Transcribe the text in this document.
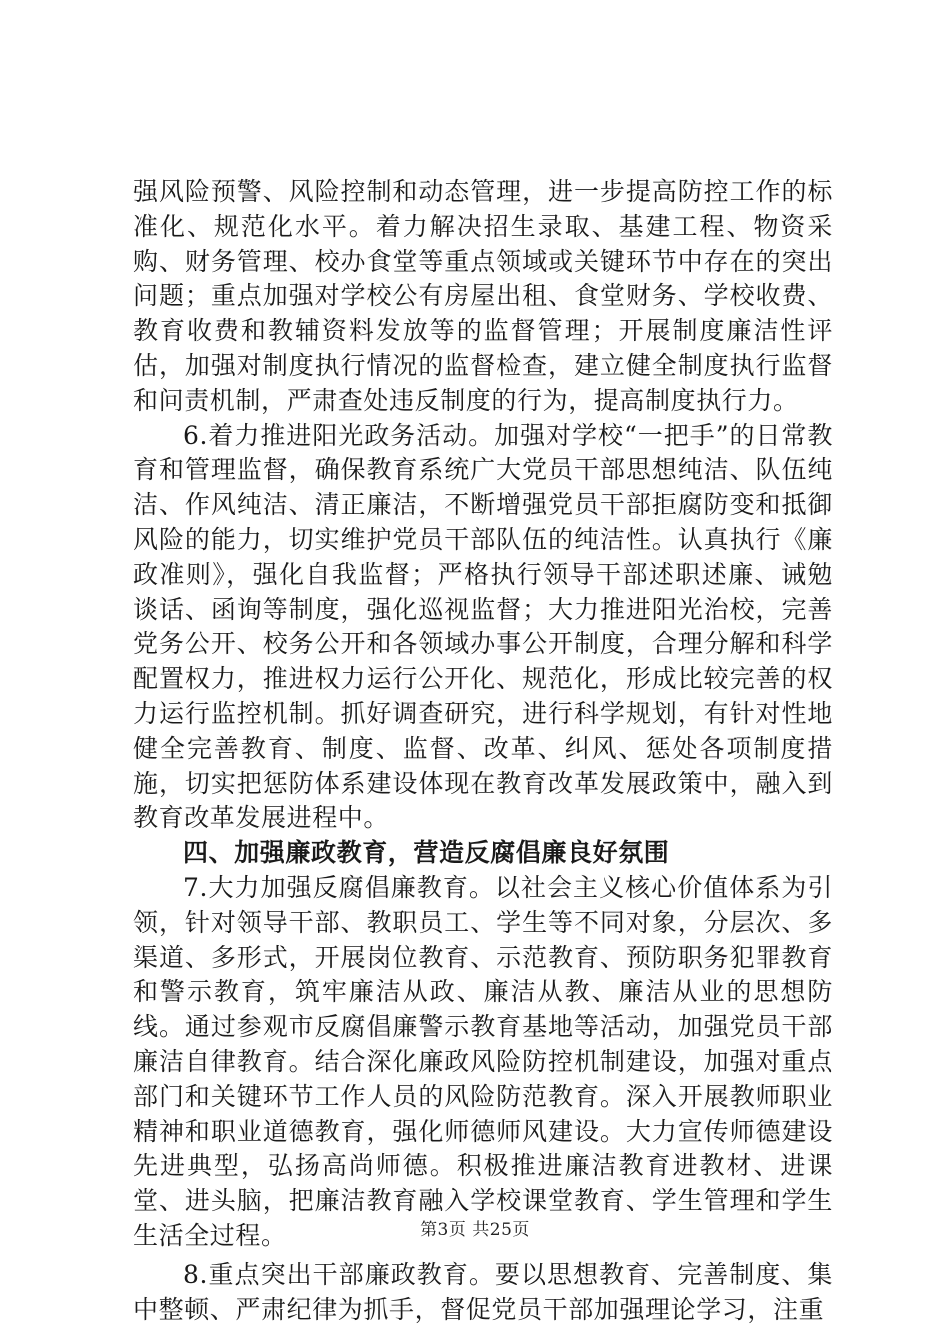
强风险预警、风险控制和动态管理，进一步提高防控工作的标准化、规范化水平。着力解决招生录取、基建工程、物资采购、财务管理、校办食堂等重点领域或关键环节中存在的突出问题；重点加强对学校公有房屋出租、食堂财务、学校收费、教育收费和教辅资料发放等的监督管理；开展制度廉洁性评估，加强对制度执行情况的监督检查，建立健全制度执行监督和问责机制，严肃查处违反制度的行为，提高制度执行力。

6.着力推进阳光政务活动。加强对学校“一把手”的日常教育和管理监督，确保教育系统广大党员干部思想纯洁、队伍纯洁、作风纯洁、清正廉洁，不断增强党员干部拒腐防变和抵御风险的能力，切实维护党员干部队伍的纯洁性。认真执行《廉政准则》，强化自我监督；严格执行领导干部述职述廉、诫勉谈话、函询等制度，强化巡视监督；大力推进阳光治校，完善党务公开、校务公开和各领域办事公开制度，合理分解和科学配置权力，推进权力运行公开化、规范化，形成比较完善的权力运行监控机制。抓好调查研究，进行科学规划，有针对性地健全完善教育、制度、监督、改革、纠风、惩处各项制度措施，切实把惩防体系建设体现在教育改革发展政策中，融入到教育改革发展进程中。

四、加强廉政教育，营造反腐倡廉良好氛围

7.大力加强反腐倡廉教育。以社会主义核心价值体系为引领，针对领导干部、教职员工、学生等不同对象，分层次、多渠道、多形式，开展岗位教育、示范教育、预防职务犯罪教育和警示教育，筑牢廉洁从政、廉洁从教、廉洁从业的思想防线。通过参观市反腐倡廉警示教育基地等活动，加强党员干部廉洁自律教育。结合深化廉政风险防控机制建设，加强对重点部门和关键环节工作人员的风险防范教育。深入开展教师职业精神和职业道德教育，强化师德师风建设。大力宣传师德建设先进典型，弘扬高尚师德。积极推进廉洁教育进教材、进课堂、进头脑，把廉洁教育融入学校课堂教育、学生管理和学生生活全过程。

8.重点突出干部廉政教育。要以思想教育、完善制度、集中整顿、严肃纪律为抓手，督促党员干部加强理论学习，注重

第3页 共25页
